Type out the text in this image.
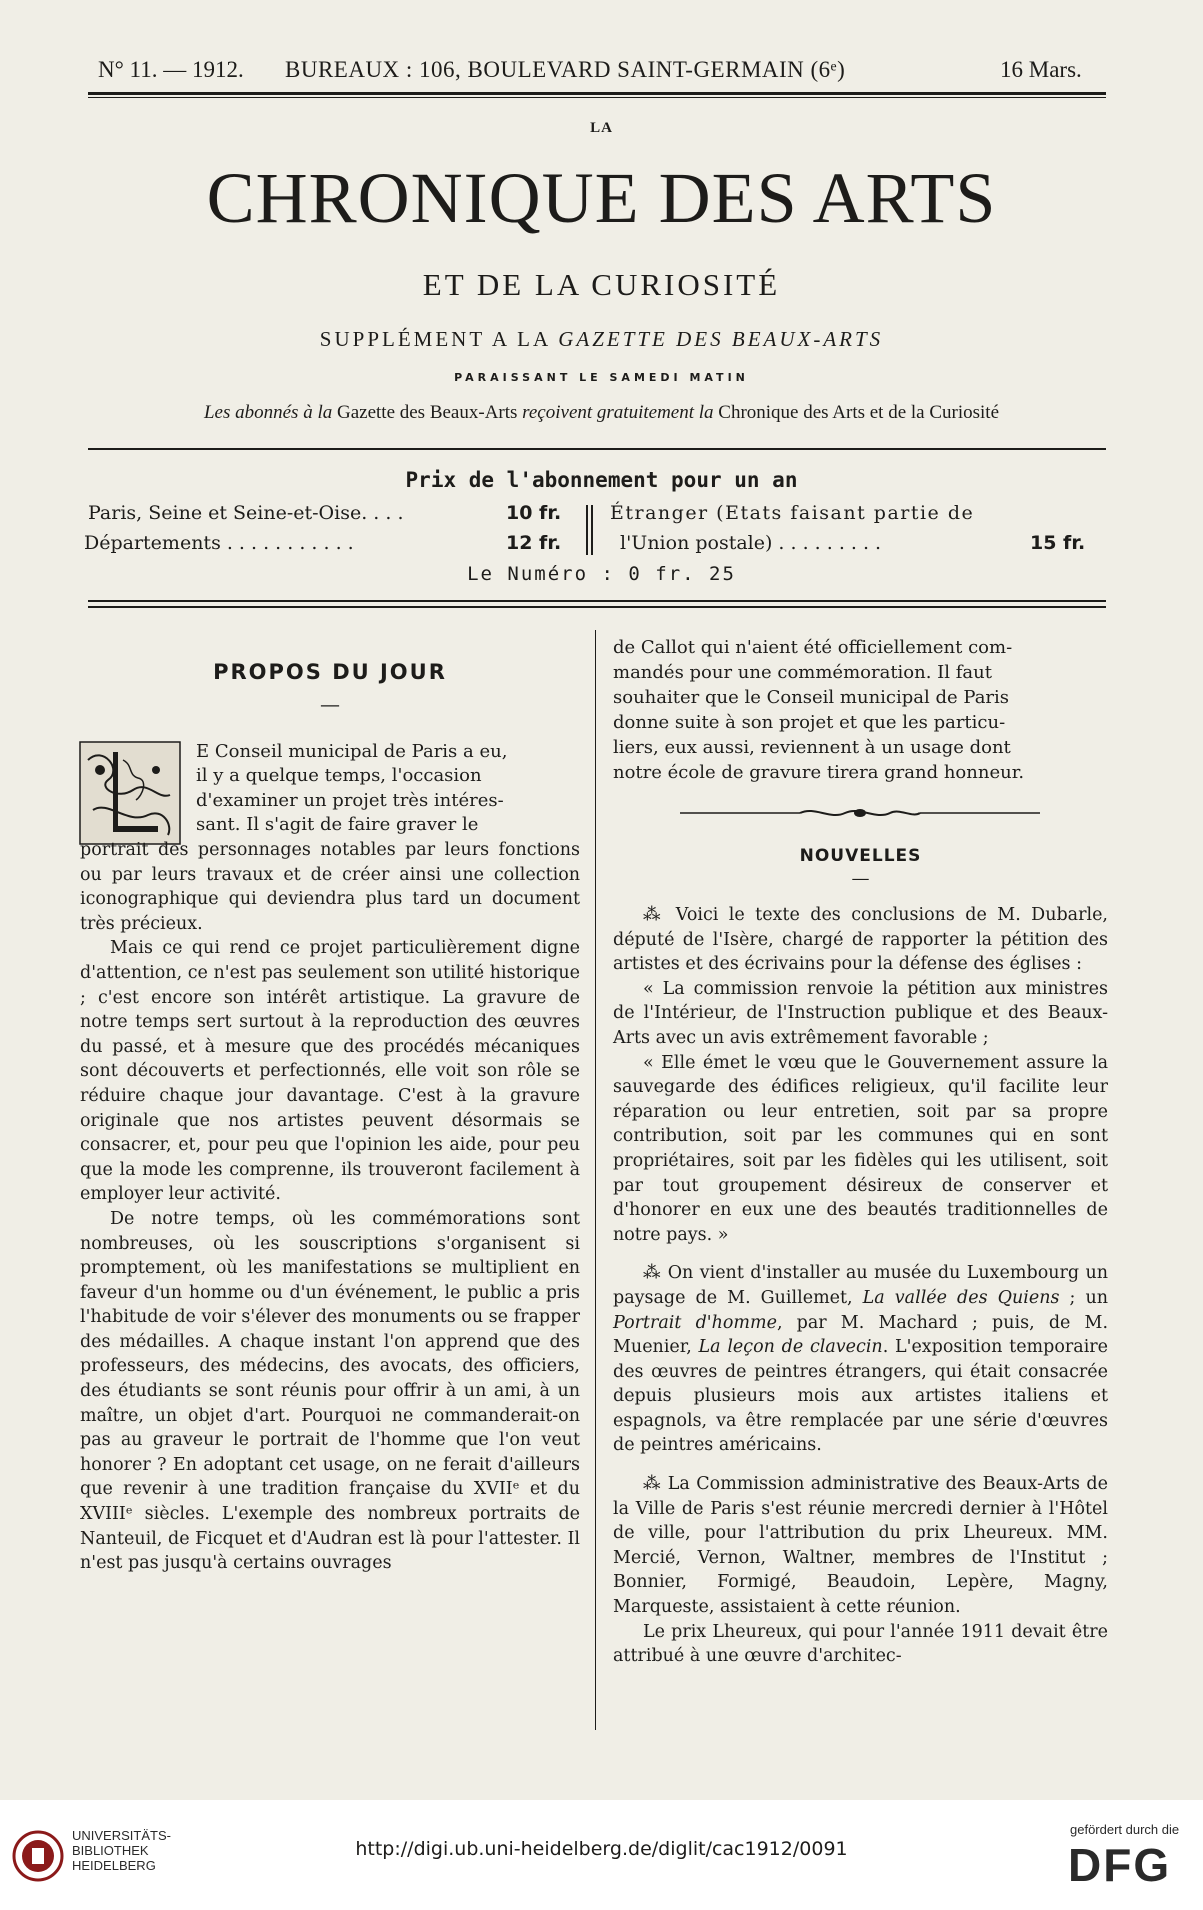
N° 11. — 1912. BUREAUX : 106, BOULEVARD SAINT-GERMAIN (6ᵉ)	16 Mars.
LA
CHRONIQUE DES ARTS
ET DE LA CURIOSITÉ
SUPPLÉMENT A LA GAZETTE DES BEAUX-ARTS
PARAISSANT LE SAMEDI MATIN
Les abonnés à la Gazette des Beaux-Arts reçoivent gratuitement la Chronique des Arts et de la Curiosité
Prix de l'abonnement pour un an
Paris, Seine et Seine-et-Oise. . . .	10 fr.
Départements . . . . . . . . . . .	12 fr.
Étranger (Etats faisant partie de
l'Union postale) . . . . . . . . .	15 fr.
Le Numéro : 0 fr. 25
PROPOS DU JOUR
—
E Conseil municipal de Paris a eu,
il y a quelque temps, l'occasion
d'examiner un projet très intéres-
sant. Il s'agit de faire graver le

portrait des personnages notables par leurs fonctions ou par leurs travaux et de créer ainsi une collection iconographique qui deviendra plus tard un document très précieux.

Mais ce qui rend ce projet particulièrement digne d'attention, ce n'est pas seulement son utilité historique ; c'est encore son intérêt artistique. La gravure de notre temps sert surtout à la reproduction des œuvres du passé, et à mesure que des procédés mécaniques sont découverts et perfectionnés, elle voit son rôle se réduire chaque jour davantage. C'est à la gravure originale que nos artistes peuvent désormais se consacrer, et, pour peu que l'opinion les aide, pour peu que la mode les comprenne, ils trouveront facilement à employer leur activité.

De notre temps, où les commémorations sont nombreuses, où les souscriptions s'organisent si promptement, où les manifestations se multiplient en faveur d'un homme ou d'un événement, le public a pris l'habitude de voir s'élever des monuments ou se frapper des médailles. A chaque instant l'on apprend que des professeurs, des médecins, des avocats, des officiers, des étudiants se sont réunis pour offrir à un ami, à un maître, un objet d'art. Pourquoi ne commanderait-on pas au graveur le portrait de l'homme que l'on veut honorer ? En adoptant cet usage, on ne ferait d'ailleurs que revenir à une tradition française du XVIIᵉ et du XVIIIᵉ siècles. L'exemple des nombreux portraits de Nanteuil, de Ficquet et d'Audran est là pour l'attester. Il n'est pas jusqu'à certains ouvrages

de Callot qui n'aient été officiellement com-
mandés pour une commémoration. Il faut
souhaiter que le Conseil municipal de Paris
donne suite à son projet et que les particu-
liers, eux aussi, reviennent à un usage dont
notre école de gravure tirera grand honneur.
NOUVELLES
—

⁂ Voici le texte des conclusions de M. Dubarle, député de l'Isère, chargé de rapporter la pétition des artistes et des écrivains pour la défense des églises :

« La commission renvoie la pétition aux ministres de l'Intérieur, de l'Instruction publique et des Beaux-Arts avec un avis extrêmement favorable ;

« Elle émet le vœu que le Gouvernement assure la sauvegarde des édifices religieux, qu'il facilite leur réparation ou leur entretien, soit par sa propre contribution, soit par les communes qui en sont propriétaires, soit par les fidèles qui les utilisent, soit par tout groupement désireux de conserver et d'honorer en eux une des beautés traditionnelles de notre pays. »

⁂ On vient d'installer au musée du Luxembourg un paysage de M. Guillemet, La vallée des Quiens ; un Portrait d'homme, par M. Machard ; puis, de M. Muenier, La leçon de clavecin. L'exposition temporaire des œuvres de peintres étrangers, qui était consacrée depuis plusieurs mois aux artistes italiens et espagnols, va être remplacée par une série d'œuvres de peintres américains.

⁂ La Commission administrative des Beaux-Arts de la Ville de Paris s'est réunie mercredi dernier à l'Hôtel de ville, pour l'attribution du prix Lheureux. MM. Mercié, Vernon, Waltner, membres de l'Institut ; Bonnier, Formigé, Beaudoin, Lepère, Magny, Marqueste, assistaient à cette réunion.

Le prix Lheureux, qui pour l'année 1911 devait être attribué à une œuvre d'architec-

UNIVERSITÄTS-
BIBLIOTHEK
HEIDELBERG
http://digi.ub.uni-heidelberg.de/diglit/cac1912/0091
gefördert durch die
DFG
